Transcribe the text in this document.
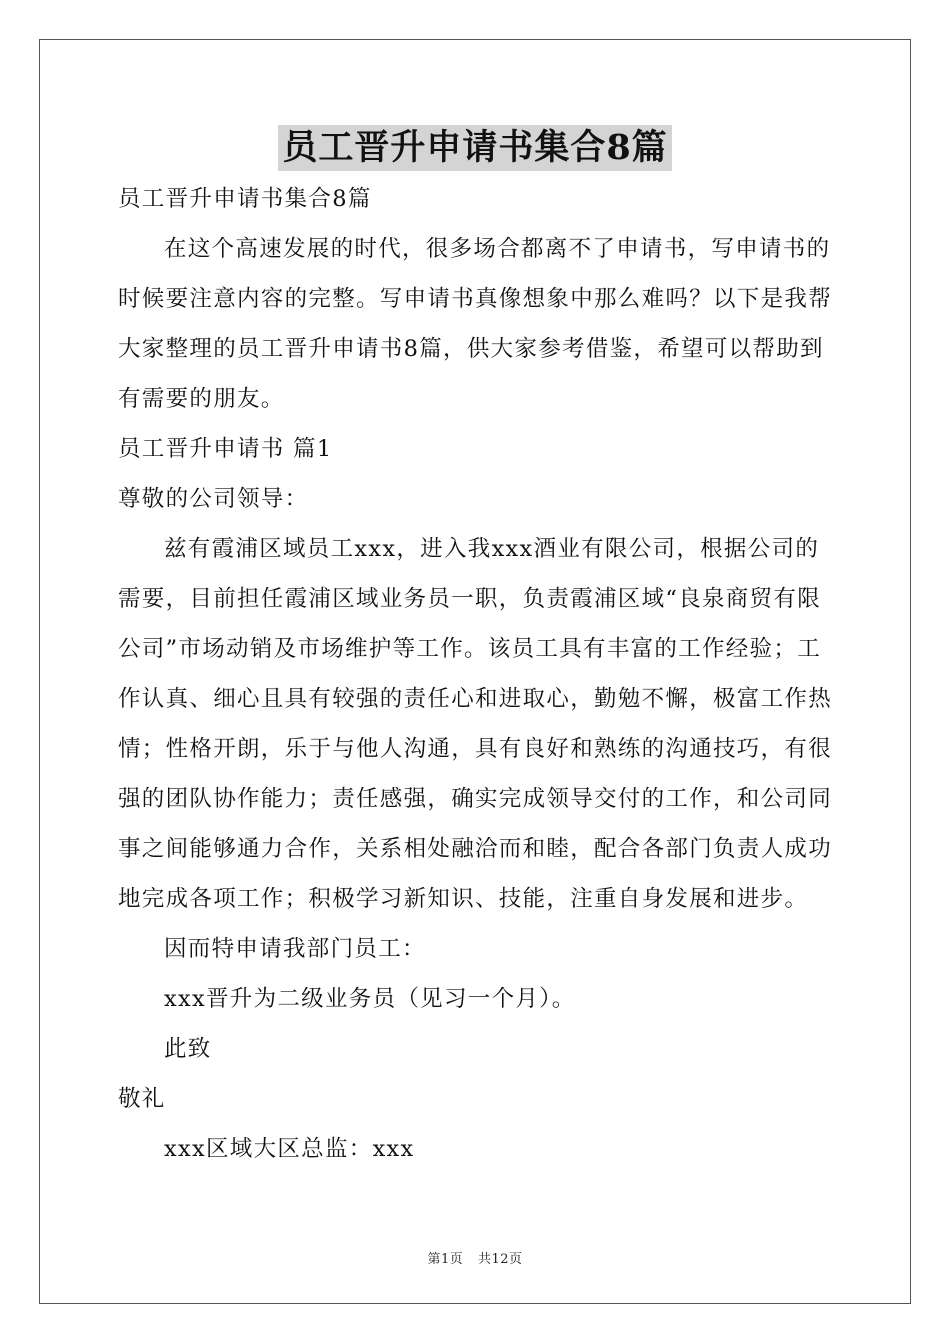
员工晋升申请书集合8篇
员工晋升申请书集合8篇
在这个高速发展的时代，很多场合都离不了申请书，写申请书的
时候要注意内容的完整。写申请书真像想象中那么难吗？以下是我帮
大家整理的员工晋升申请书8篇，供大家参考借鉴，希望可以帮助到
有需要的朋友。
员工晋升申请书 篇1
尊敬的公司领导：
兹有霞浦区域员工xxx，进入我xxx酒业有限公司，根据公司的
需要，目前担任霞浦区域业务员一职，负责霞浦区域“良泉商贸有限
公司”市场动销及市场维护等工作。该员工具有丰富的工作经验；工
作认真、细心且具有较强的责任心和进取心，勤勉不懈，极富工作热
情；性格开朗，乐于与他人沟通，具有良好和熟练的沟通技巧，有很
强的团队协作能力；责任感强，确实完成领导交付的工作，和公司同
事之间能够通力合作，关系相处融洽而和睦，配合各部门负责人成功
地完成各项工作；积极学习新知识、技能，注重自身发展和进步。
因而特申请我部门员工：
xxx晋升为二级业务员（见习一个月）。
此致
敬礼
xxx区域大区总监：xxx
第1页 共12页
